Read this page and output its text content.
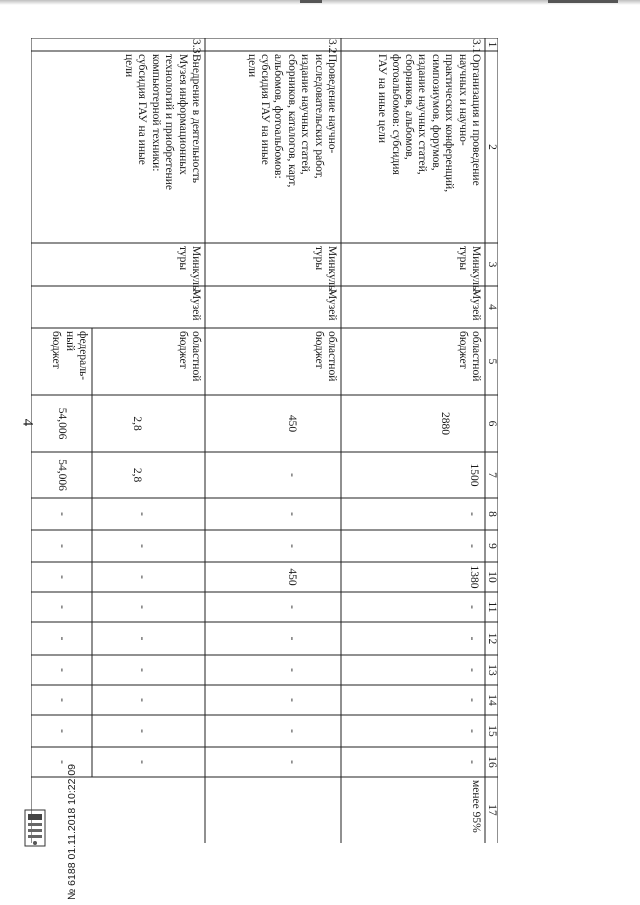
4
1
2
3
4
5
6
7
8
9
10
11
12
13
14
15
16
17
3.1
Организация и проведение
научных и научно-
практических конференций,
симпозиумов, форумов,
издание научных статей,
сборников, альбомов,
фотоальбомов: субсидия
ГАУ на иные цели
Минкуль-
туры
Музей
областной
бюджет
2880
1500
-
-
1380
-
-
-
-
-
-
менее 95%
3.2
Проведение научно-
исследовательских работ,
издание научных статей,
сборников, каталогов, карт,
альбомов, фотоальбомов:
субсидия ГАУ на иные
цели
Минкуль-
туры
Музей
областной
бюджет
450
-
-
-
450
-
-
-
-
-
-
3.3
Внедрение в деятельность
Музея информационных
технологий и приобретение
компьютерной техники:
субсидия ГАУ на иные
цели
Минкуль-
туры
Музей
областной
бюджет
2,8
2,8
-
-
-
-
-
-
-
-
-
федераль-
ный
бюджет
54,006
54,006
-
-
-
-
-
-
-
-
-
№ 6188 01.11.2018 10:22:09
